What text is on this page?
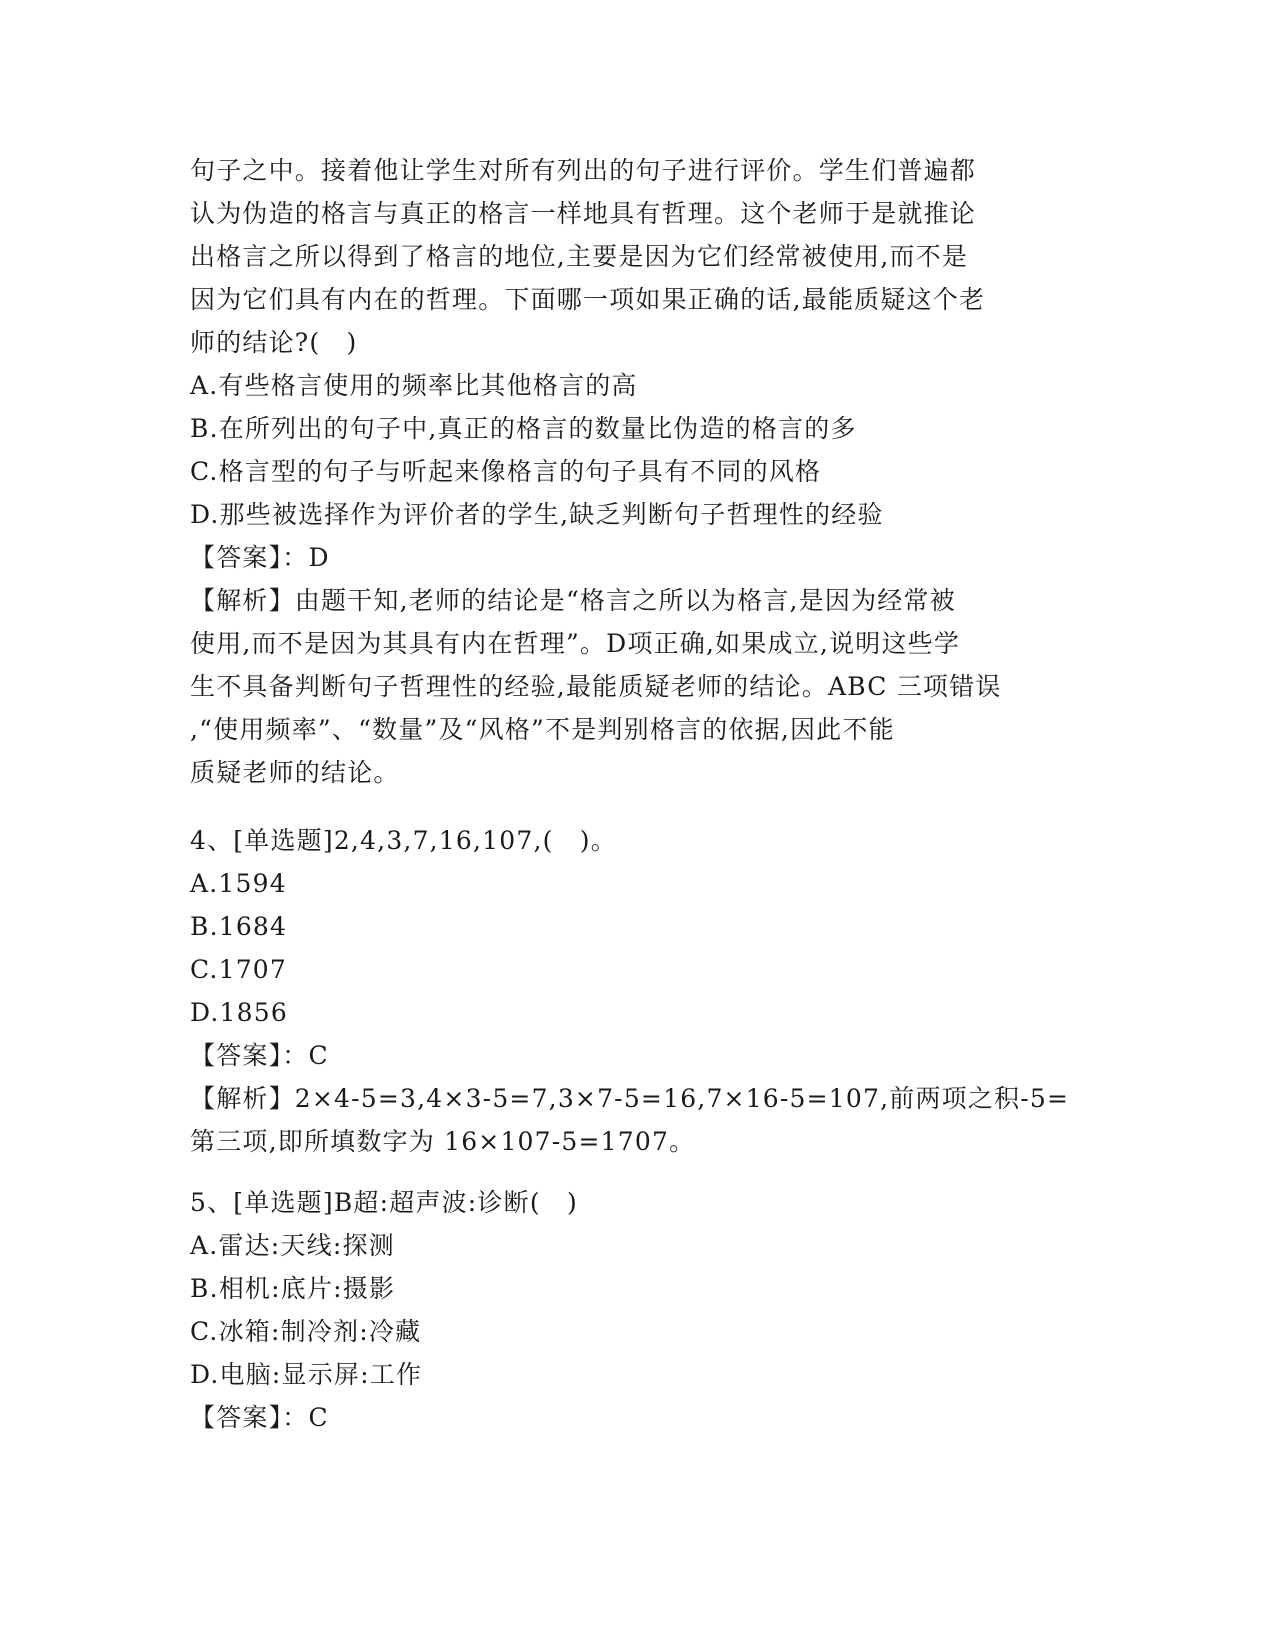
句子之中。接着他让学生对所有列出的句子进行评价。学生们普遍都
认为伪造的格言与真正的格言一样地具有哲理。这个老师于是就推论
出格言之所以得到了格言的地位,主要是因为它们经常被使用,而不是
因为它们具有内在的哲理。下面哪一项如果正确的话,最能质疑这个老
师的结论?(　)
A.有些格言使用的频率比其他格言的高
B.在所列出的句子中,真正的格言的数量比伪造的格言的多
C.格言型的句子与听起来像格言的句子具有不同的风格
D.那些被选择作为评价者的学生,缺乏判断句子哲理性的经验
【答案】：D
【解析】由题干知,老师的结论是“格言之所以为格言,是因为经常被
使用,而不是因为其具有内在哲理”。D项正确,如果成立,说明这些学
生不具备判断句子哲理性的经验,最能质疑老师的结论。ABC 三项错误
,“使用频率”、“数量”及“风格”不是判别格言的依据,因此不能
质疑老师的结论。
4、[单选题]2,4,3,7,16,107,(　)。
A.1594
B.1684
C.1707
D.1856
【答案】：C
【解析】2×4-5=3,4×3-5=7,3×7-5=16,7×16-5=107,前两项之积-5=
第三项,即所填数字为 16×107-5=1707。
5、[单选题]B超:超声波:诊断(　)
A.雷达:天线:探测
B.相机:底片:摄影
C.冰箱:制冷剂:冷藏
D.电脑:显示屏:工作
【答案】：C
